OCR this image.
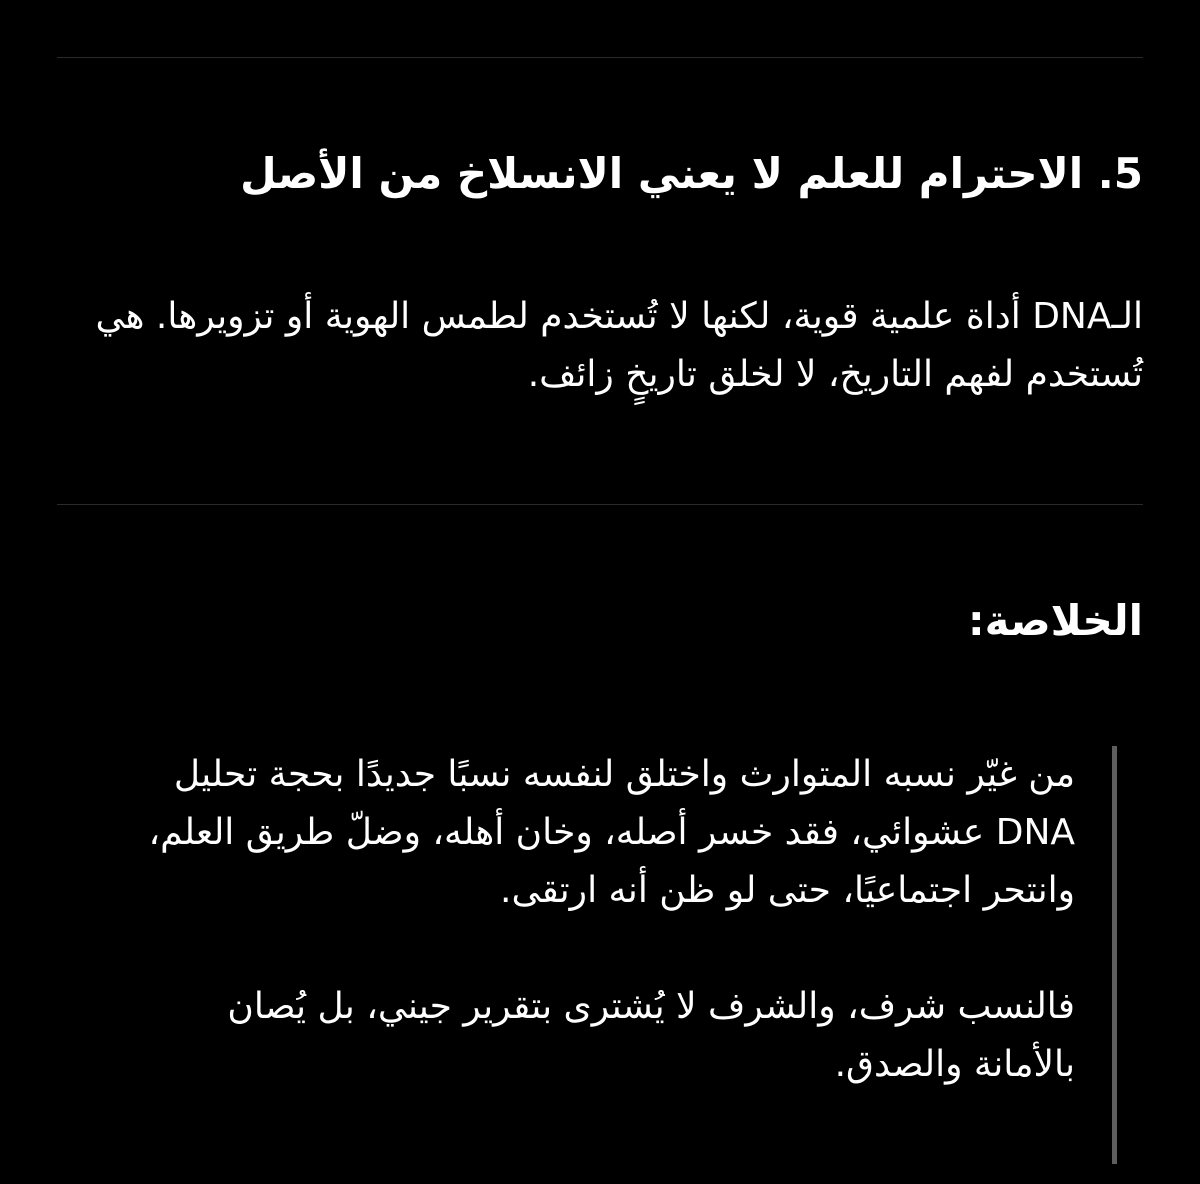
5. الاحترام للعلم لا يعني الانسلاخ من الأصل

الـDNA أداة علمية قوية، لكنها لا تُستخدم لطمس الهوية أو تزويرها. هي تُستخدم لفهم التاريخ، لا لخلق تاريخٍ زائف.

الخلاصة:

من غيّر نسبه المتوارث واختلق لنفسه نسبًا جديدًا بحجة تحليل DNA عشوائي، فقد خسر أصله، وخان أهله، وضلّ طريق العلم، وانتحر اجتماعيًا، حتى لو ظن أنه ارتقى.

فالنسب شرف، والشرف لا يُشترى بتقرير جيني، بل يُصان بالأمانة والصدق.
